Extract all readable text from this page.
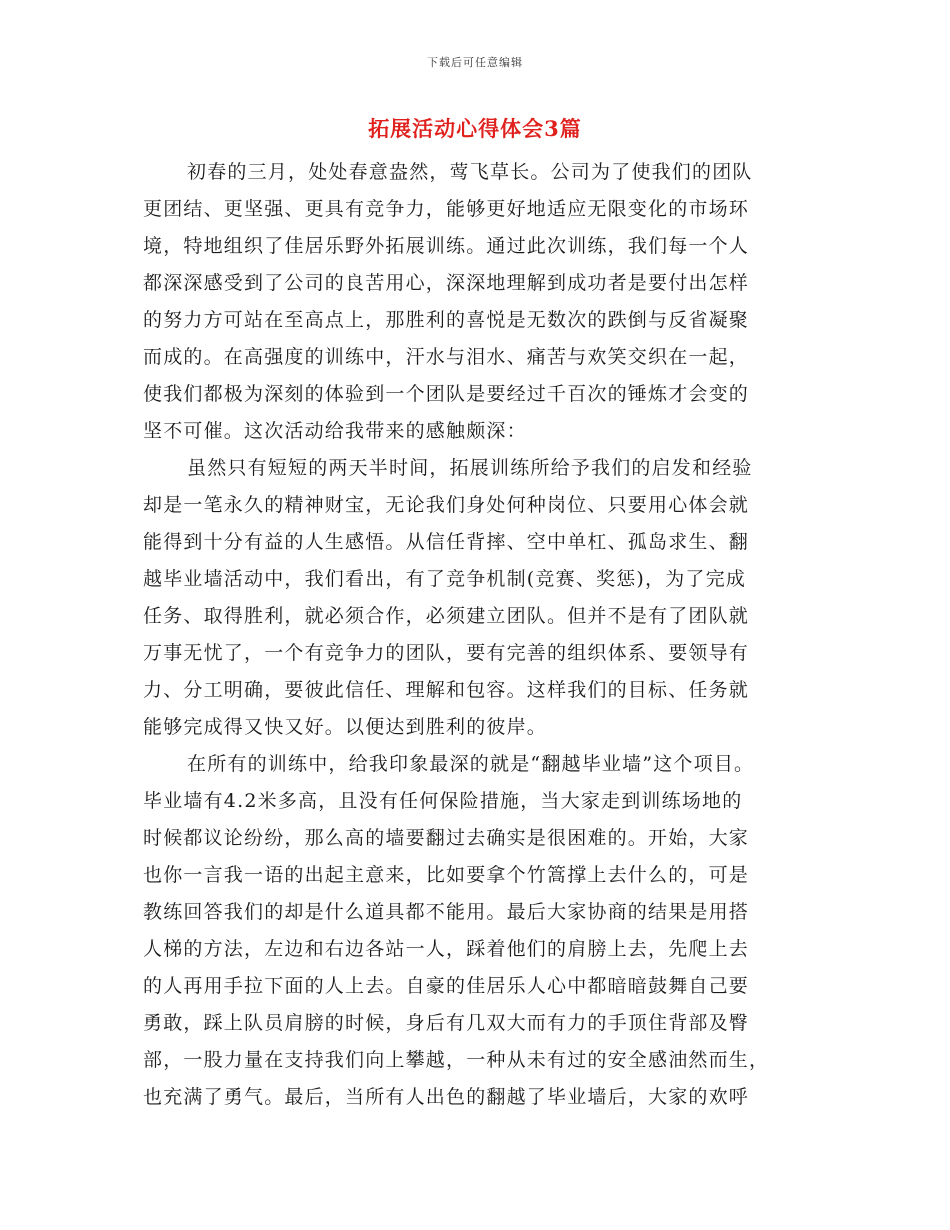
下载后可任意编辑
拓展活动心得体会3篇
初春的三月，处处春意盎然，莺飞草长。公司为了使我们的团队
更团结、更坚强、更具有竞争力，能够更好地适应无限变化的市场环
境，特地组织了佳居乐野外拓展训练。通过此次训练，我们每一个人
都深深感受到了公司的良苦用心，深深地理解到成功者是要付出怎样
的努力方可站在至高点上，那胜利的喜悦是无数次的跌倒与反省凝聚
而成的。在高强度的训练中，汗水与泪水、痛苦与欢笑交织在一起，
使我们都极为深刻的体验到一个团队是要经过千百次的锤炼才会变的
坚不可催。这次活动给我带来的感触颇深：
虽然只有短短的两天半时间，拓展训练所给予我们的启发和经验
却是一笔永久的精神财宝，无论我们身处何种岗位、只要用心体会就
能得到十分有益的人生感悟。从信任背摔、空中单杠、孤岛求生、翻
越毕业墙活动中，我们看出，有了竞争机制(竞赛、奖惩)，为了完成
任务、取得胜利，就必须合作，必须建立团队。但并不是有了团队就
万事无忧了，一个有竞争力的团队，要有完善的组织体系、要领导有
力、分工明确，要彼此信任、理解和包容。这样我们的目标、任务就
能够完成得又快又好。以便达到胜利的彼岸。
在所有的训练中，给我印象最深的就是“翻越毕业墙”这个项目。
毕业墙有4.2米多高，且没有任何保险措施，当大家走到训练场地的
时候都议论纷纷，那么高的墙要翻过去确实是很困难的。开始，大家
也你一言我一语的出起主意来，比如要拿个竹篙撑上去什么的，可是
教练回答我们的却是什么道具都不能用。最后大家协商的结果是用搭
人梯的方法，左边和右边各站一人，踩着他们的肩膀上去，先爬上去
的人再用手拉下面的人上去。自豪的佳居乐人心中都暗暗鼓舞自己要
勇敢，踩上队员肩膀的时候，身后有几双大而有力的手顶住背部及臀
部，一股力量在支持我们向上攀越，一种从未有过的安全感油然而生，
也充满了勇气。最后，当所有人出色的翻越了毕业墙后，大家的欢呼
